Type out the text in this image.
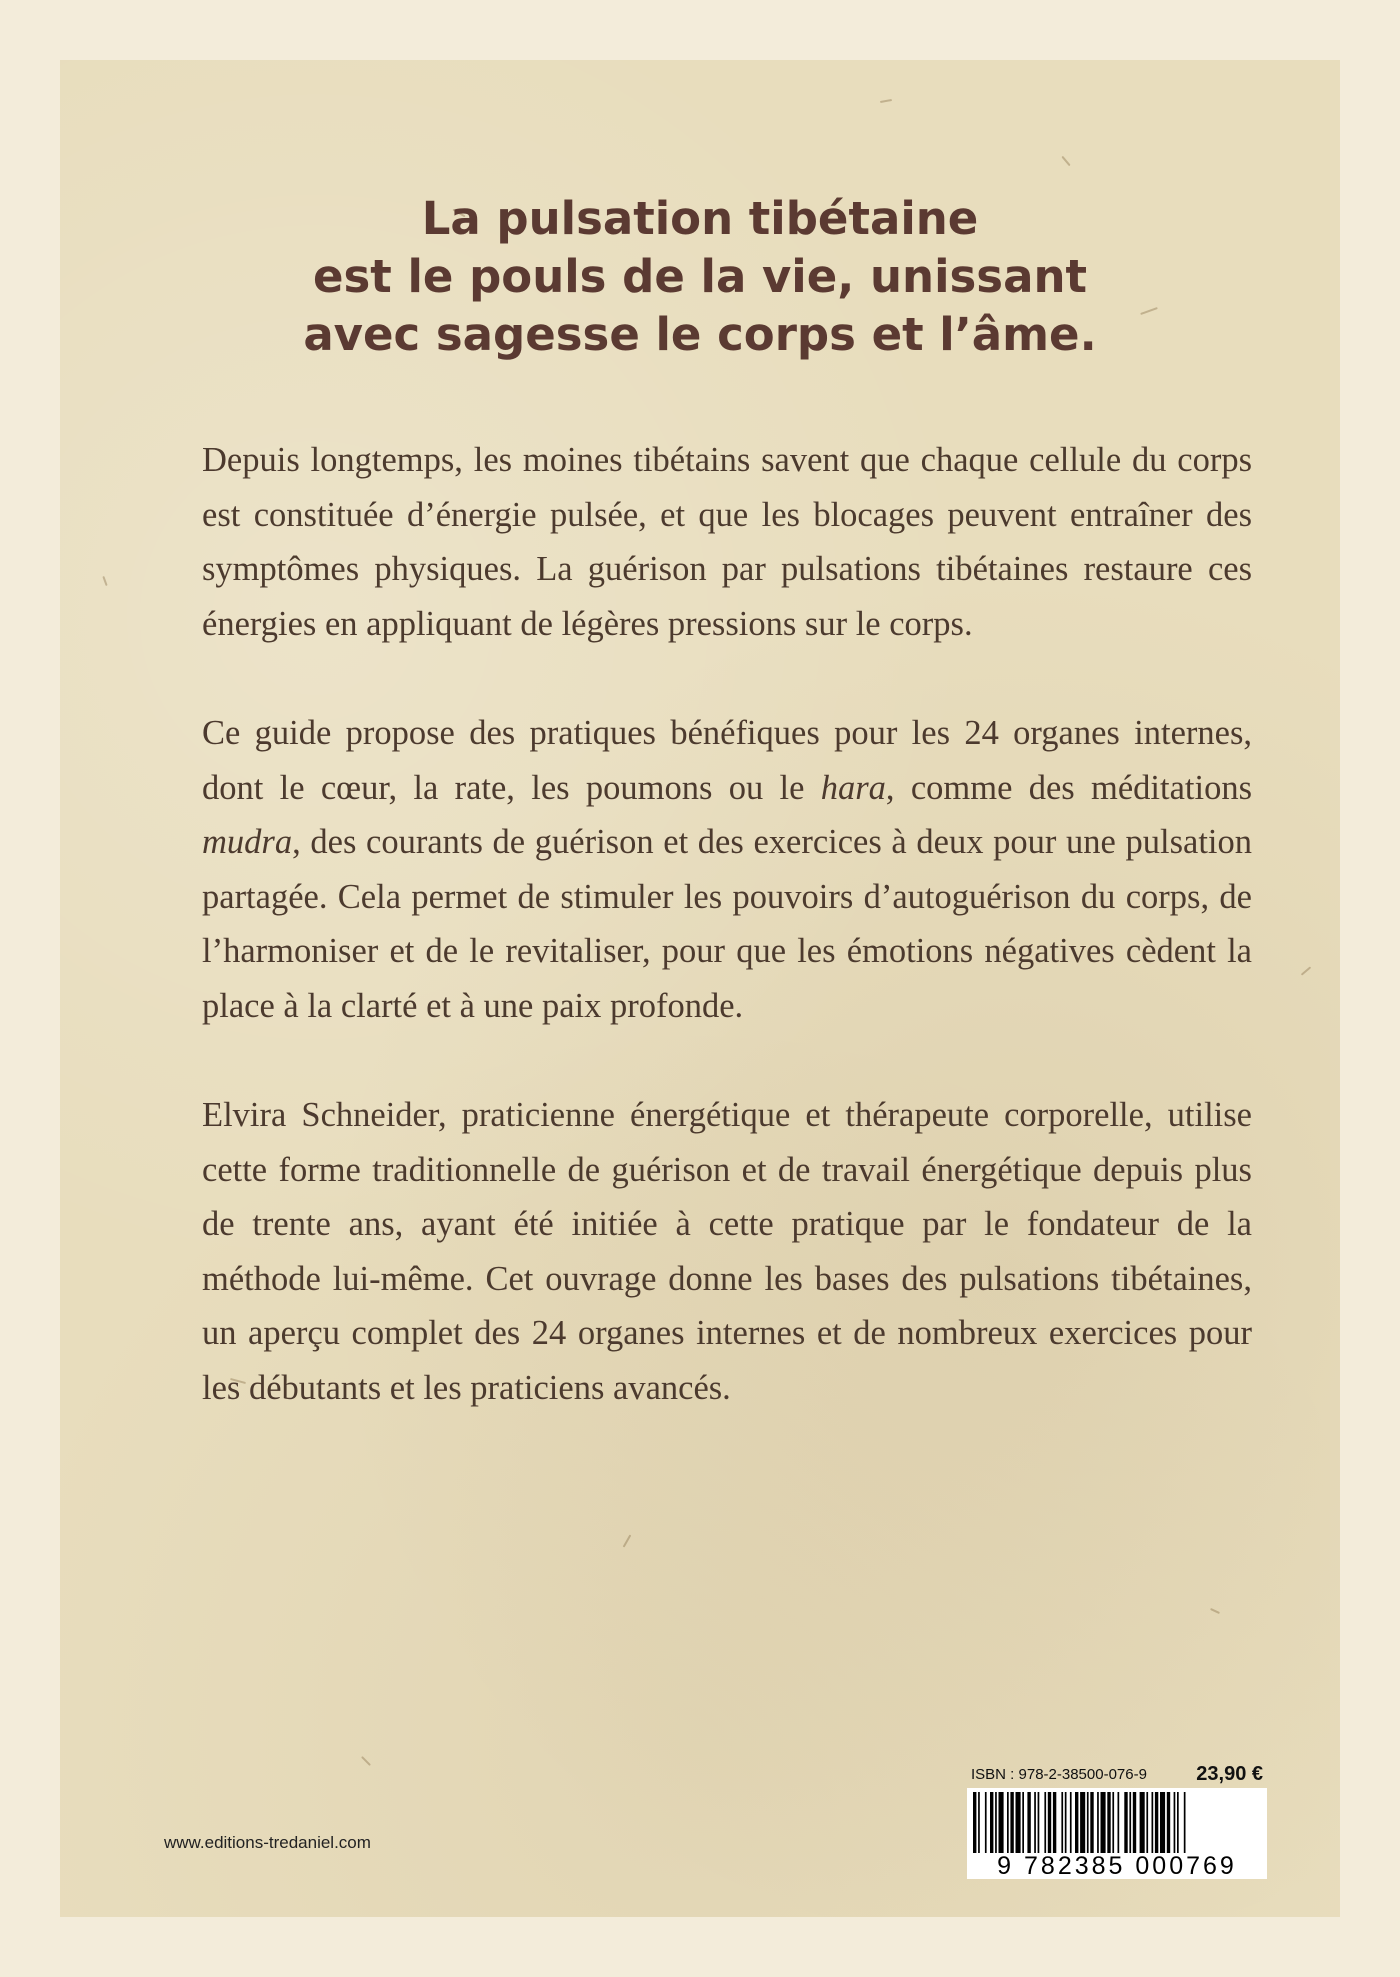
La pulsation tibétaine
est le pouls de la vie, unissant
avec sagesse le corps et l’âme.

Depuis longtemps, les moines tibétains savent que chaque cellule du corps est constituée d’énergie pulsée, et que les blocages peuvent entraîner des symptômes physiques. La guérison par pulsations tibétaines restaure ces énergies en appliquant de légères pressions sur le corps.

Ce guide propose des pratiques bénéfiques pour les 24 organes internes, dont le cœur, la rate, les poumons ou le hara, comme des méditations mudra, des courants de guérison et des exercices à deux pour une pulsation partagée. Cela permet de stimuler les pouvoirs d’autoguérison du corps, de l’harmoniser et de le revitaliser, pour que les émotions négatives cèdent la place à la clarté et à une paix profonde.

Elvira Schneider, praticienne énergétique et thérapeute corporelle, utilise cette forme traditionnelle de guérison et de travail énergétique depuis plus de trente ans, ayant été initiée à cette pratique par le fondateur de la méthode lui-même. Cet ouvrage donne les bases des pulsations tibétaines, un aperçu complet des 24 organes internes et de nombreux exercices pour les débutants et les praticiens avancés.

www.editions-tredaniel.com
ISBN : 978-2-38500-076-9 23,90 €
9 782385 000769
